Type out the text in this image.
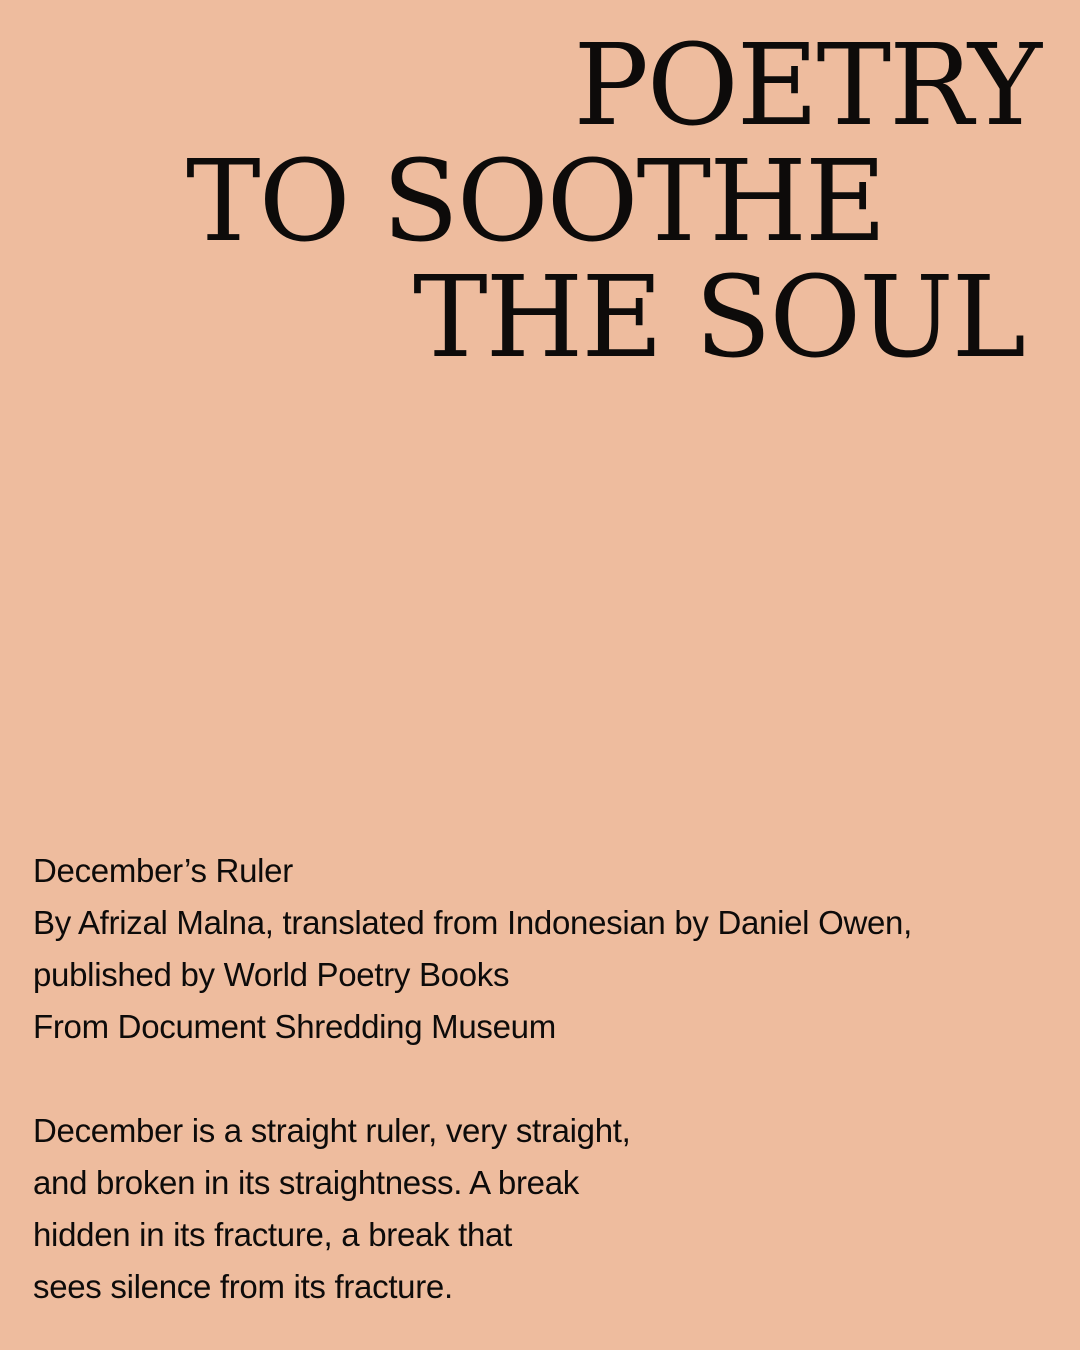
POETRY
TO SOOTHE
THE SOUL
December’s Ruler
By Afrizal Malna, translated from Indonesian by Daniel Owen,
published by World Poetry Books
From Document Shredding Museum
December is a straight ruler, very straight,
and broken in its straightness. A break
hidden in its fracture, a break that
sees silence from its fracture.
